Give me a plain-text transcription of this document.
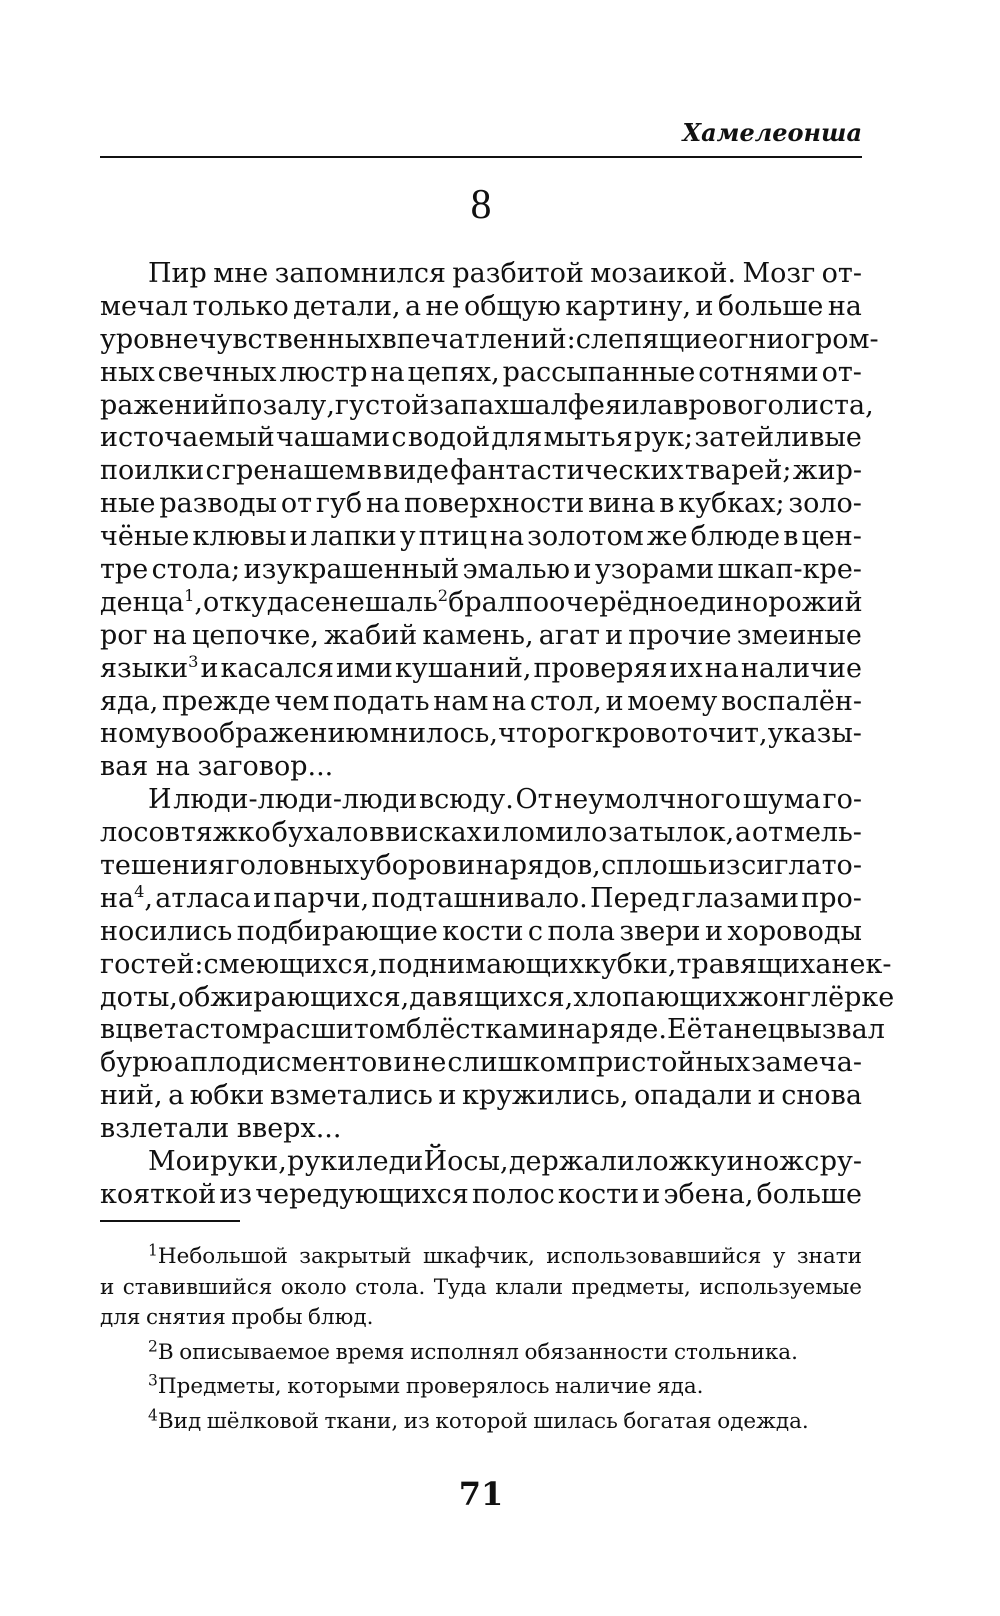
Хамелеонша
8
Пир мне запомнился разбитой мозаикой. Мозг от-
мечал только детали, а не общую картину, и больше на
уровне чувственных впечатлений: слепящие огни огром-
ных свечных люстр на цепях, рассыпанные сотнями от-
ражений по залу, густой запах шалфея и лаврового листа,
источаемый чашами с водой для мытья рук; затейливые
поилки с гренашем в виде фантастических тварей; жир-
ные разводы от губ на поверхности вина в кубках; золо-
чёные клювы и лапки у птиц на золотом же блюде в цен-
тре стола; изукрашенный эмалью и узорами шкап-кре-
денца$^1$, откуда сенешаль$^2$ брал поочерёдно единорожий
рог на цепочке, жабий камень, агат и прочие змеиные
языки$^3$ и касался ими кушаний, проверяя их на наличие
яда, прежде чем подать нам на стол, и моему воспалён-
ному воображению мнилось, что рог кровоточит, указы-
вая на заговор...
И люди-люди-люди всюду. От неумолчного шума го-
лосов тяжко бухало в висках и ломило затылок, а от мель-
тешения головных уборов и нарядов, сплошь из сиглато-
на$^4$, атласа и парчи, подташнивало. Перед глазами про-
носились подбирающие кости с пола звери и хороводы
гостей: смеющихся, поднимающих кубки, травящих анек-
доты, обжирающихся, давящихся, хлопающих жонглёрке
в цветастом расшитом блёстками наряде. Её танец вызвал
бурю аплодисментов и не слишком пристойных замеча-
ний, а юбки взметались и кружились, опадали и снова
взлетали вверх...
Мои руки, руки леди Йосы, держали ложку и нож с ру-
кояткой из чередующихся полос кости и эбена, больше
$^1$Небольшой закрытый шкафчик, использовавшийся у знати
и ставившийся около стола. Туда клали предметы, используемые
для снятия пробы блюд.
$^2$В описываемое время исполнял обязанности стольника.
$^3$Предметы, которыми проверялось наличие яда.
$^4$Вид шёлковой ткани, из которой шилась богатая одежда.
71
